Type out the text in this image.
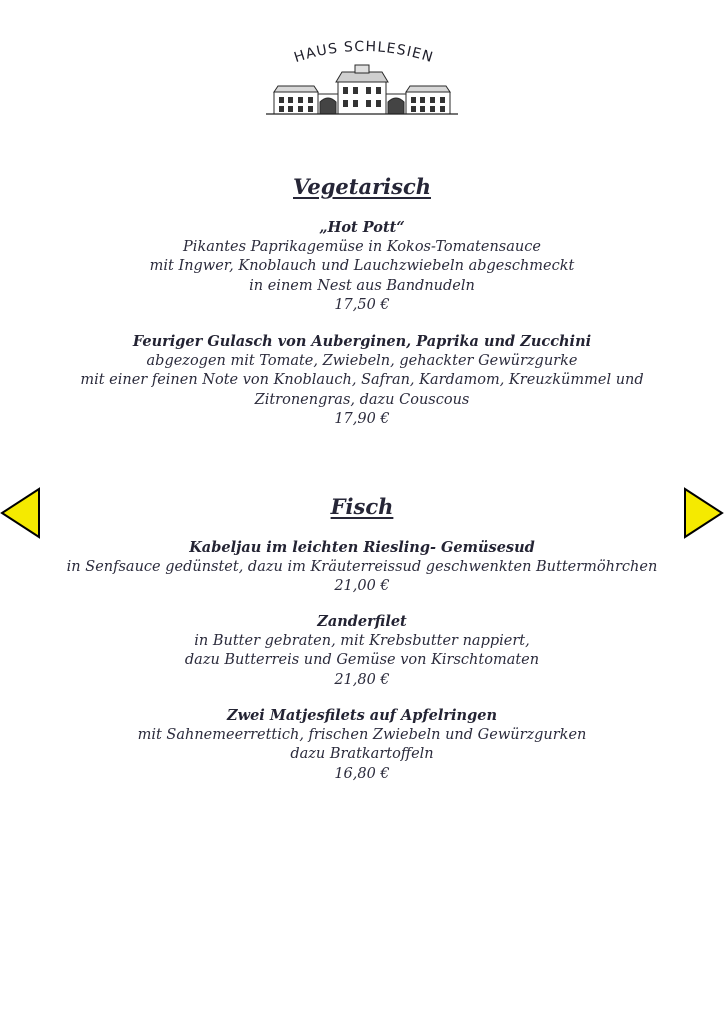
HAUS SCHLESIEN
Vegetarisch
„Hot Pott“
Pikantes Paprikagemüse in Kokos-Tomatensauce
mit Ingwer, Knoblauch und Lauchzwiebeln abgeschmeckt
in einem Nest aus Bandnudeln
17,50 €
Feuriger Gulasch von Auberginen, Paprika und Zucchini
abgezogen mit Tomate, Zwiebeln, gehackter Gewürzgurke
mit einer feinen Note von Knoblauch, Safran, Kardamom, Kreuzkümmel und
Zitronengras, dazu Couscous
17,90 €
Fisch
Kabeljau im leichten Riesling- Gemüsesud
in Senfsauce gedünstet, dazu im Kräuterreissud geschwenkten Buttermöhrchen
21,00 €
Zanderfilet
in Butter gebraten, mit Krebsbutter nappiert,
dazu Butterreis und Gemüse von Kirschtomaten
21,80 €
Zwei Matjesfilets auf Apfelringen
mit Sahnemeerrettich, frischen Zwiebeln und Gewürzgurken
dazu Bratkartoffeln
16,80 €
